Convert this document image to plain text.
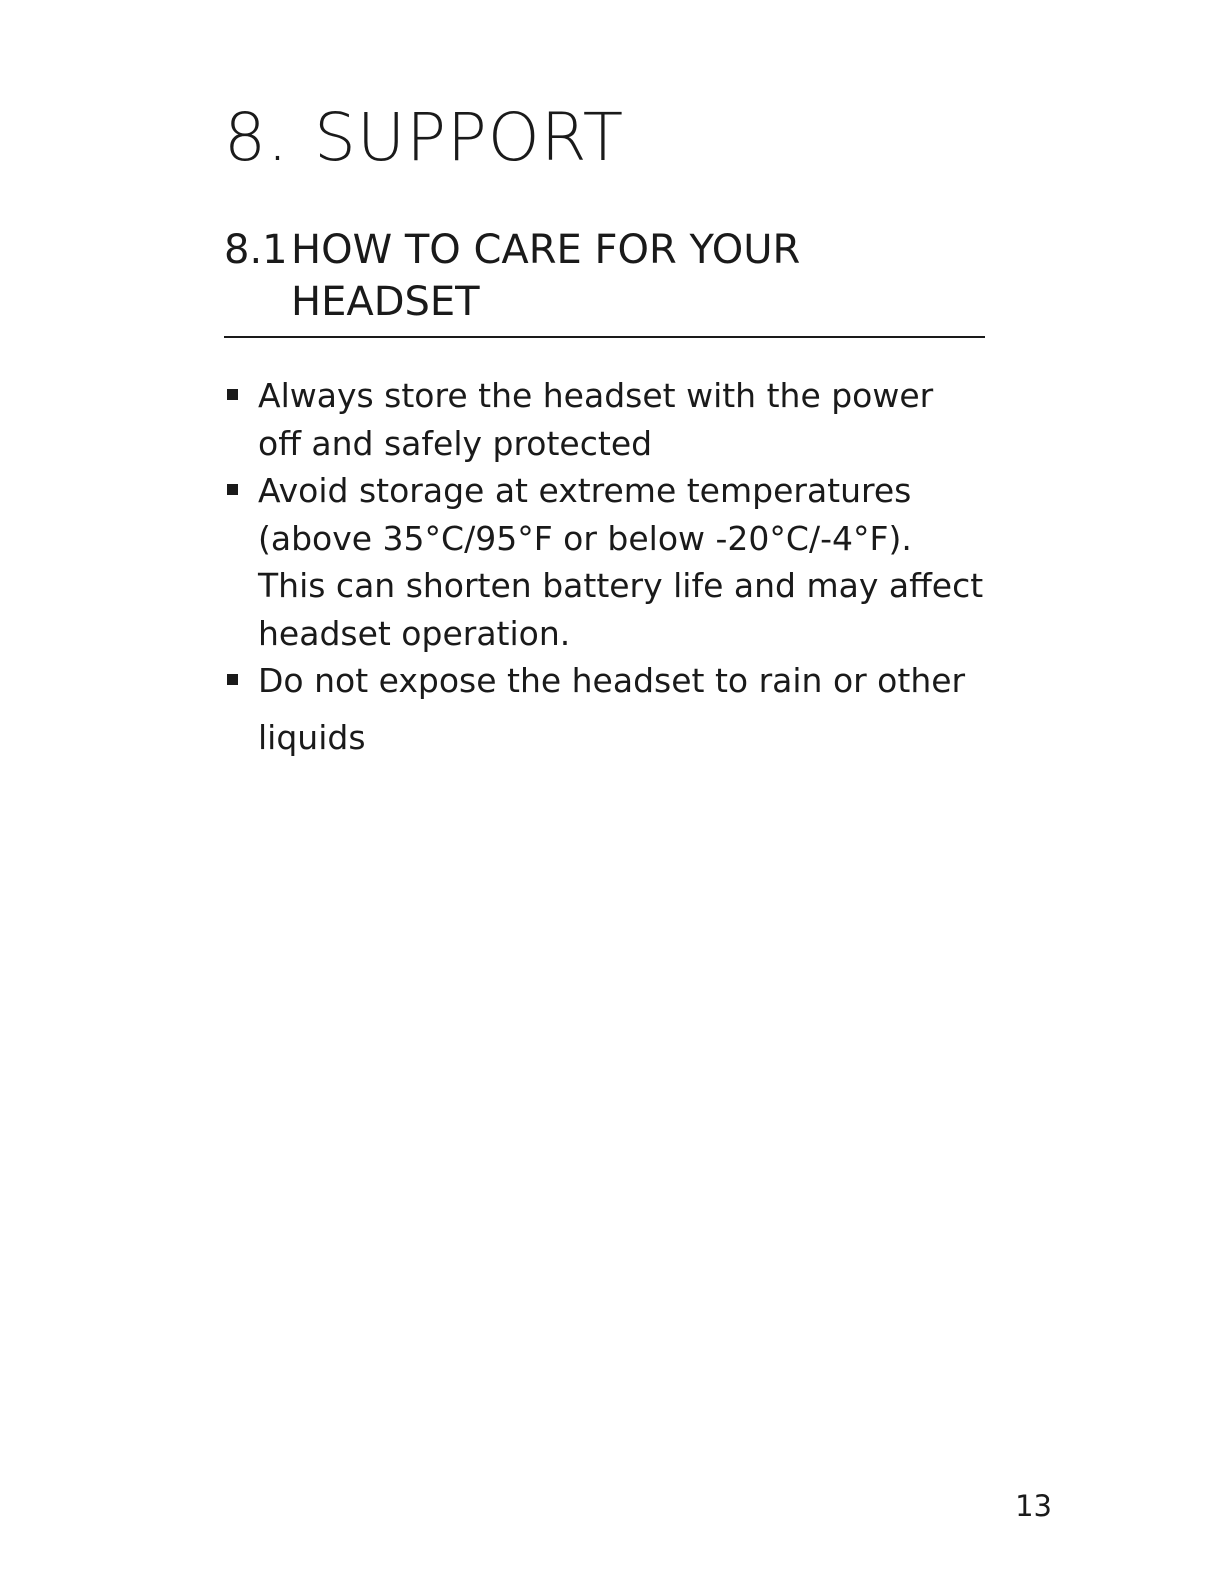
8. SUPPORT
8.1 HOW TO CARE FOR YOUR HEADSET
Always store the headset with the power off and safely protected
Avoid storage at extreme temperatures (above 35°C/95°F or below -20°C/-4°F). This can shorten battery life and may affect headset operation.
Do not expose the headset to rain or other
liquids
13
